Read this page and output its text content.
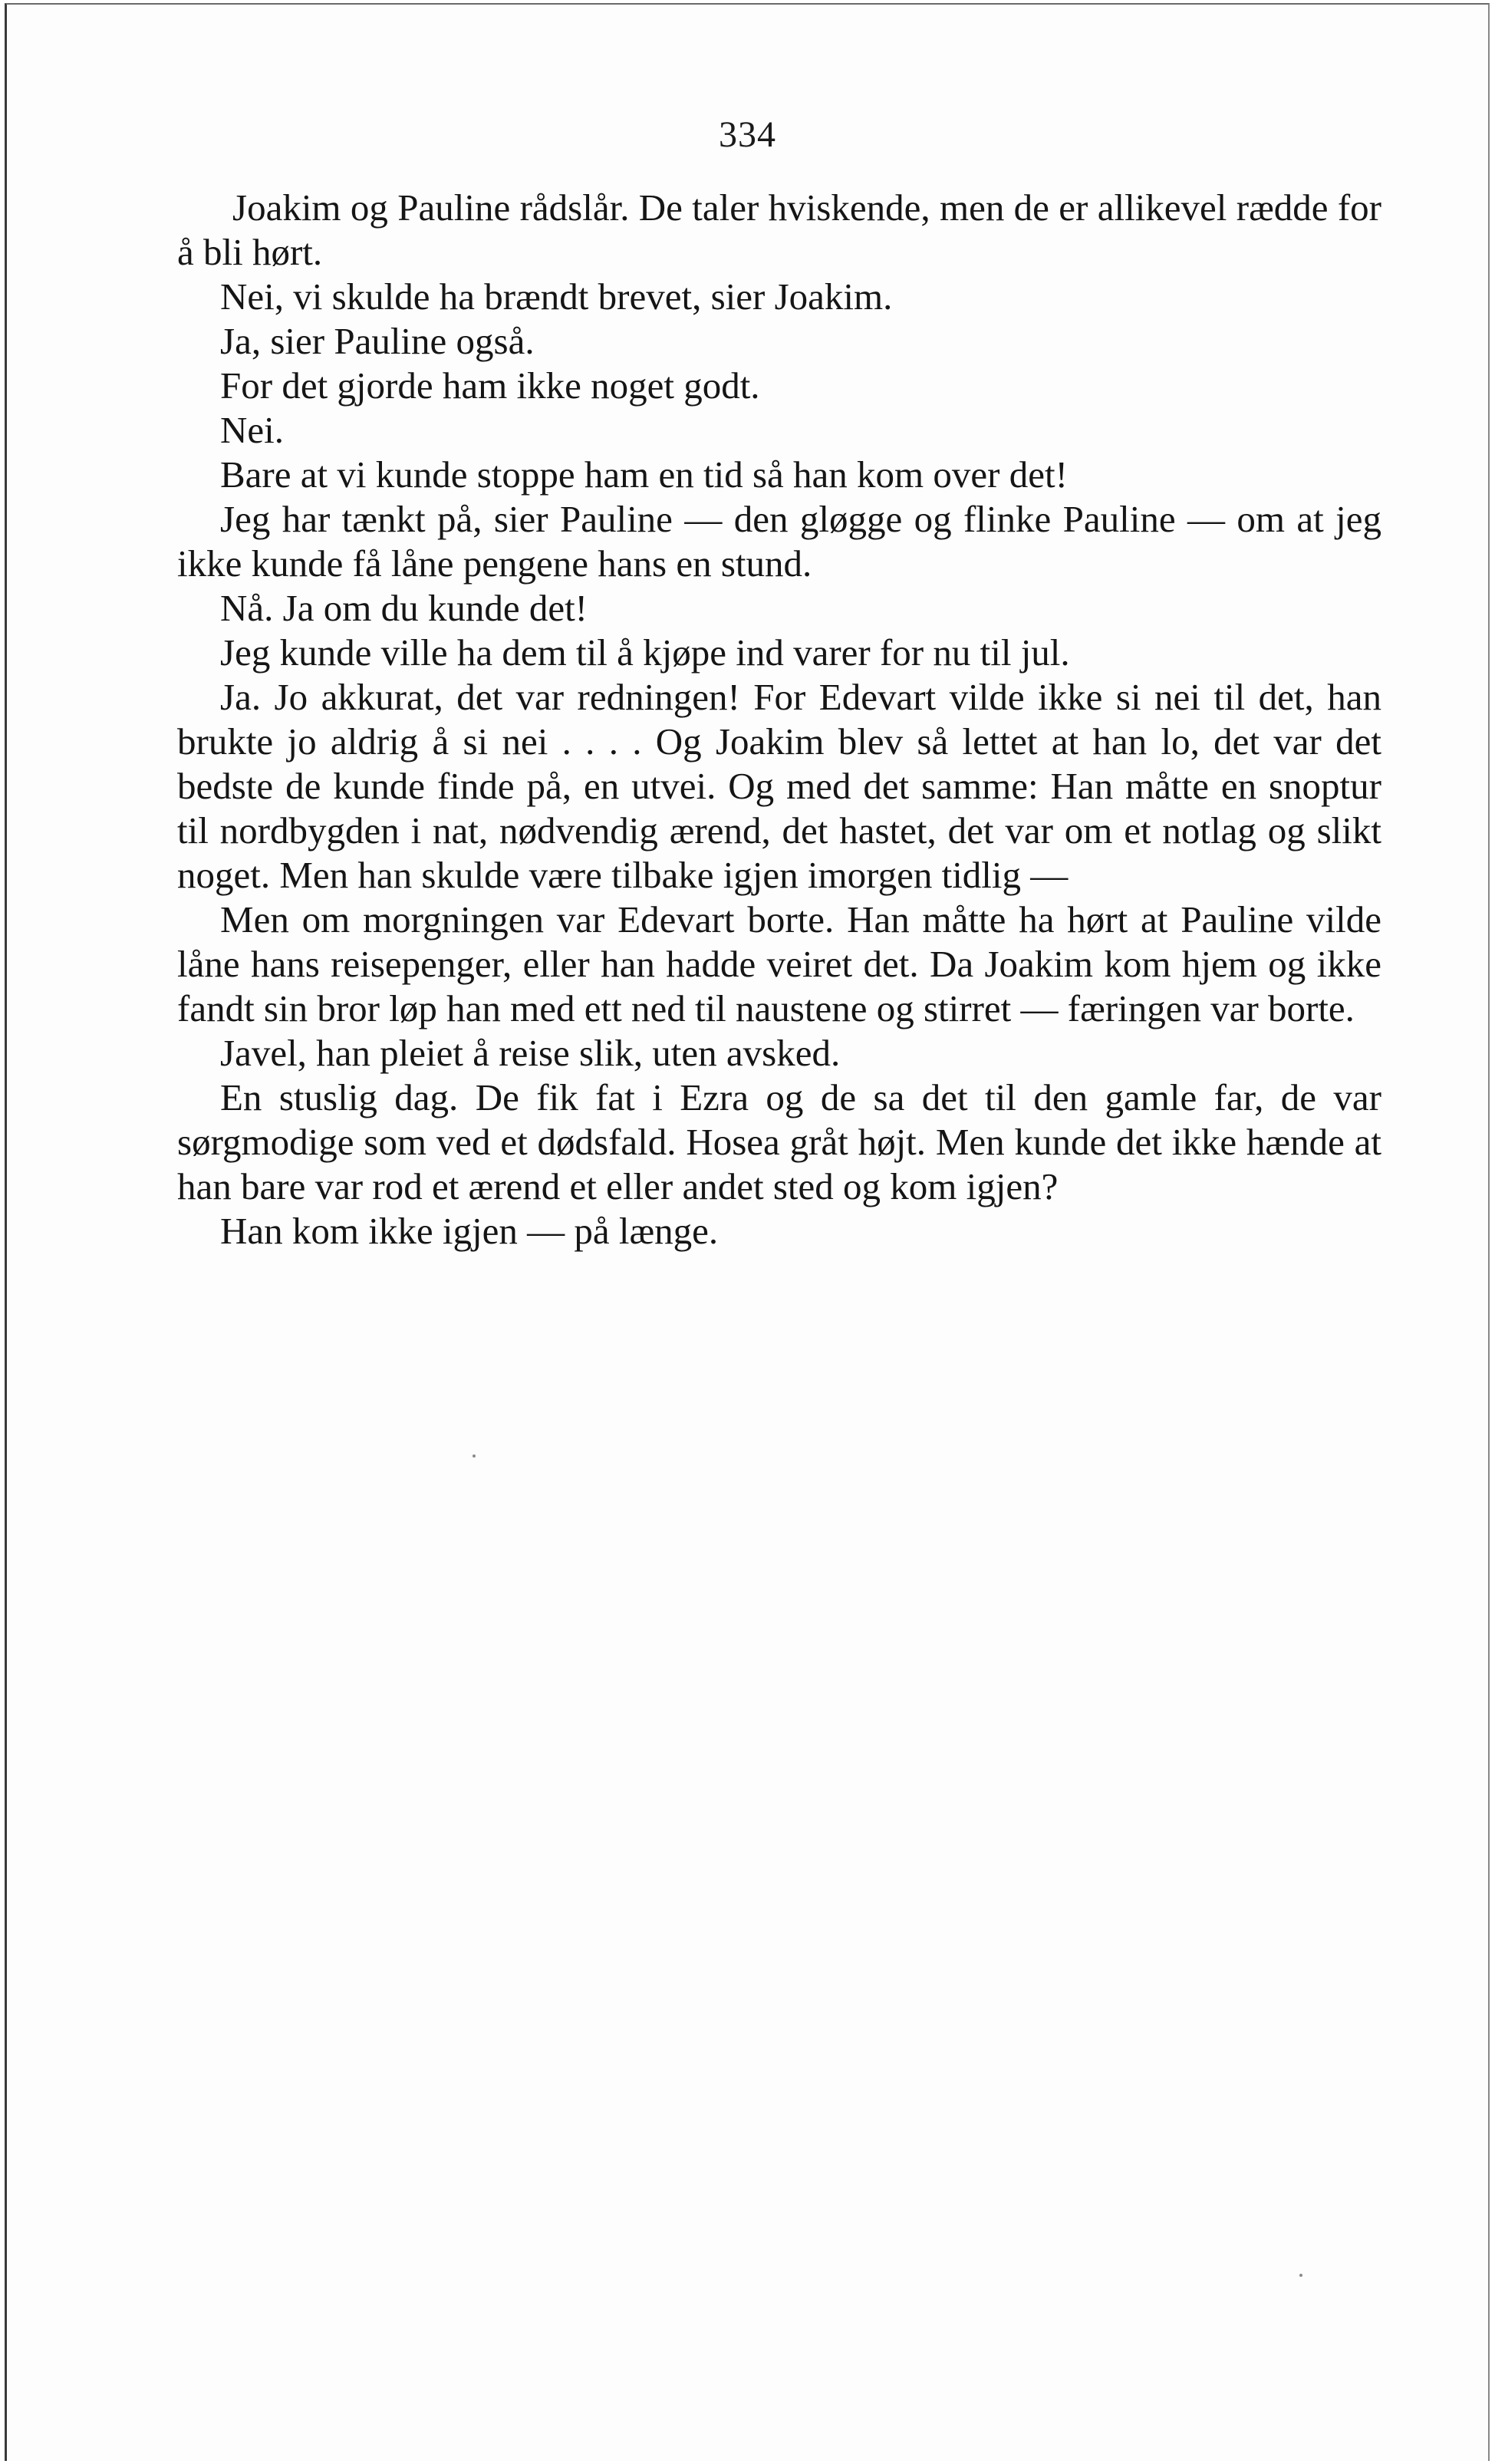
334

Joakim og Pauline rådslår. De taler hviskende, men de er allikevel rædde for å bli hørt.

Nei, vi skulde ha brændt brevet, sier Joakim.

Ja, sier Pauline også.

For det gjorde ham ikke noget godt.

Nei.

Bare at vi kunde stoppe ham en tid så han kom over det!

Jeg har tænkt på, sier Pauline — den gløgge og flinke Pauline — om at jeg ikke kunde få låne pengene hans en stund.

Nå. Ja om du kunde det!

Jeg kunde ville ha dem til å kjøpe ind varer for nu til jul.

Ja. Jo akkurat, det var redningen! For Edevart vilde ikke si nei til det, han brukte jo aldrig å si nei . . . . Og Joakim blev så lettet at han lo, det var det bedste de kunde finde på, en utvei. Og med det samme: Han måtte en snoptur til nordbygden i nat, nødvendig ærend, det hastet, det var om et notlag og slikt noget. Men han skulde være tilbake igjen imorgen tidlig —

Men om morgningen var Edevart borte. Han måtte ha hørt at Pauline vilde låne hans reisepenger, eller han hadde veiret det. Da Joakim kom hjem og ikke fandt sin bror løp han med ett ned til naustene og stirret — færingen var borte.

Javel, han pleiet å reise slik, uten avsked.

En stuslig dag. De fik fat i Ezra og de sa det til den gamle far, de var sørgmodige som ved et dødsfald. Hosea gråt højt. Men kunde det ikke hænde at han bare var rod et ærend et eller andet sted og kom igjen?

Han kom ikke igjen — på længe.
